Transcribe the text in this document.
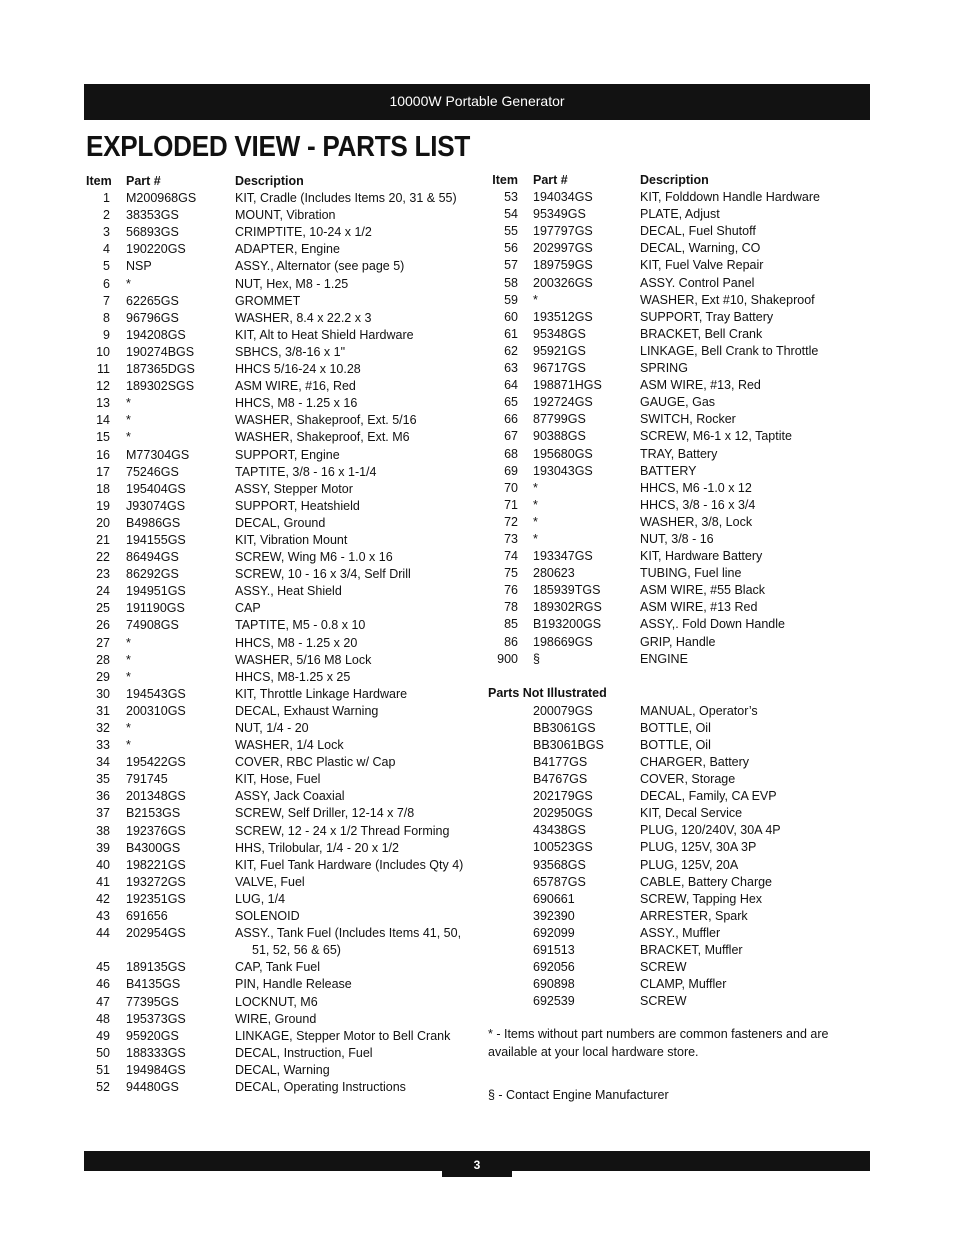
10000W Portable Generator
EXPLODED VIEW - PARTS LIST
Item Part #	Description
1 M200968GS	KIT, Cradle (Includes Items 20, 31 & 55)
2 38353GS	MOUNT, Vibration
3 56893GS	CRIMPTITE, 10-24 x 1/2
4 190220GS	ADAPTER, Engine
5 NSP	ASSY., Alternator (see page 5)
6 *	NUT, Hex, M8 - 1.25
7 62265GS	GROMMET
8 96796GS	WASHER, 8.4 x 22.2 x 3
9 194208GS	KIT, Alt to Heat Shield Hardware
10 190274BGS	SBHCS, 3/8-16 x 1"
11 187365DGS	HHCS 5/16-24 x 10.28
12 189302SGS	ASM WIRE, #16, Red
13 *	HHCS, M8 - 1.25 x 16
14 *	WASHER, Shakeproof, Ext. 5/16
15 *	WASHER, Shakeproof, Ext. M6
16 M77304GS	SUPPORT, Engine
17 75246GS	TAPTITE, 3/8 - 16 x 1-1/4
18 195404GS	ASSY, Stepper Motor
19 J93074GS	SUPPORT, Heatshield
20 B4986GS	DECAL, Ground
21 194155GS	KIT, Vibration Mount
22 86494GS	SCREW, Wing M6 - 1.0 x 16
23 86292GS	SCREW, 10 - 16 x 3/4, Self Drill
24 194951GS	ASSY., Heat Shield
25 191190GS	CAP
26 74908GS	TAPTITE, M5 - 0.8 x 10
27 *	HHCS, M8 - 1.25 x 20
28 *	WASHER, 5/16 M8 Lock
29 *	HHCS, M8-1.25 x 25
30 194543GS	KIT, Throttle Linkage Hardware
31 200310GS	DECAL, Exhaust Warning
32 *	NUT, 1/4 - 20
33 *	WASHER, 1/4 Lock
34 195422GS	COVER, RBC Plastic w/ Cap
35 791745	KIT, Hose, Fuel
36 201348GS	ASSY, Jack Coaxial
37 B2153GS	SCREW, Self Driller, 12-14 x 7/8
38 192376GS	SCREW, 12 - 24 x 1/2 Thread Forming
39 B4300GS	HHS, Trilobular, 1/4 - 20 x 1/2
40 198221GS	KIT, Fuel Tank Hardware (Includes Qty 4)
41 193272GS	VALVE, Fuel
42 192351GS	LUG, 1/4
43 691656	SOLENOID
44 202954GS	ASSY., Tank Fuel (Includes Items 41, 50,
51, 52, 56 & 65)
45 189135GS	CAP, Tank Fuel
46 B4135GS	PIN, Handle Release
47 77395GS	LOCKNUT, M6
48 195373GS	WIRE, Ground
49 95920GS	LINKAGE, Stepper Motor to Bell Crank
50 188333GS	DECAL, Instruction, Fuel
51 194984GS	DECAL, Warning
52 94480GS	DECAL, Operating Instructions
Item Part #	Description
53 194034GS	KIT, Folddown Handle Hardware
54 95349GS	PLATE, Adjust
55 197797GS	DECAL, Fuel Shutoff
56 202997GS	DECAL, Warning, CO
57 189759GS	KIT, Fuel Valve Repair
58 200326GS	ASSY. Control Panel
59 *	WASHER, Ext #10, Shakeproof
60 193512GS	SUPPORT, Tray Battery
61 95348GS	BRACKET, Bell Crank
62 95921GS	LINKAGE, Bell Crank to Throttle
63 96717GS	SPRING
64 198871HGS	ASM WIRE, #13, Red
65 192724GS	GAUGE, Gas
66 87799GS	SWITCH, Rocker
67 90388GS	SCREW, M6-1 x 12, Taptite
68 195680GS	TRAY, Battery
69 193043GS	BATTERY
70 *	HHCS, M6 -1.0 x 12
71 *	HHCS, 3/8 - 16 x 3/4
72 *	WASHER, 3/8, Lock
73 *	NUT, 3/8 - 16
74 193347GS	KIT, Hardware Battery
75 280623	TUBING, Fuel line
76 185939TGS	ASM WIRE, #55 Black
78 189302RGS	ASM WIRE, #13 Red
85 B193200GS	ASSY,. Fold Down Handle
86 198669GS	GRIP, Handle
900 §	ENGINE
Parts Not Illustrated
200079GS	MANUAL, Operator’s
BB3061GS	BOTTLE, Oil
BB3061BGS	BOTTLE, Oil
B4177GS	CHARGER, Battery
B4767GS	COVER, Storage
202179GS	DECAL, Family, CA EVP
202950GS	KIT, Decal Service
43438GS	PLUG, 120/240V, 30A 4P
100523GS	PLUG, 125V, 30A 3P
93568GS	PLUG, 125V, 20A
65787GS	CABLE, Battery Charge
690661	SCREW, Tapping Hex
392390	ARRESTER, Spark
692099	ASSY., Muffler
691513	BRACKET, Muffler
692056	SCREW
690898	CLAMP, Muffler
692539	SCREW
* - Items without part numbers are common fasteners and are available at your local hardware store.
§ - Contact Engine Manufacturer
3
